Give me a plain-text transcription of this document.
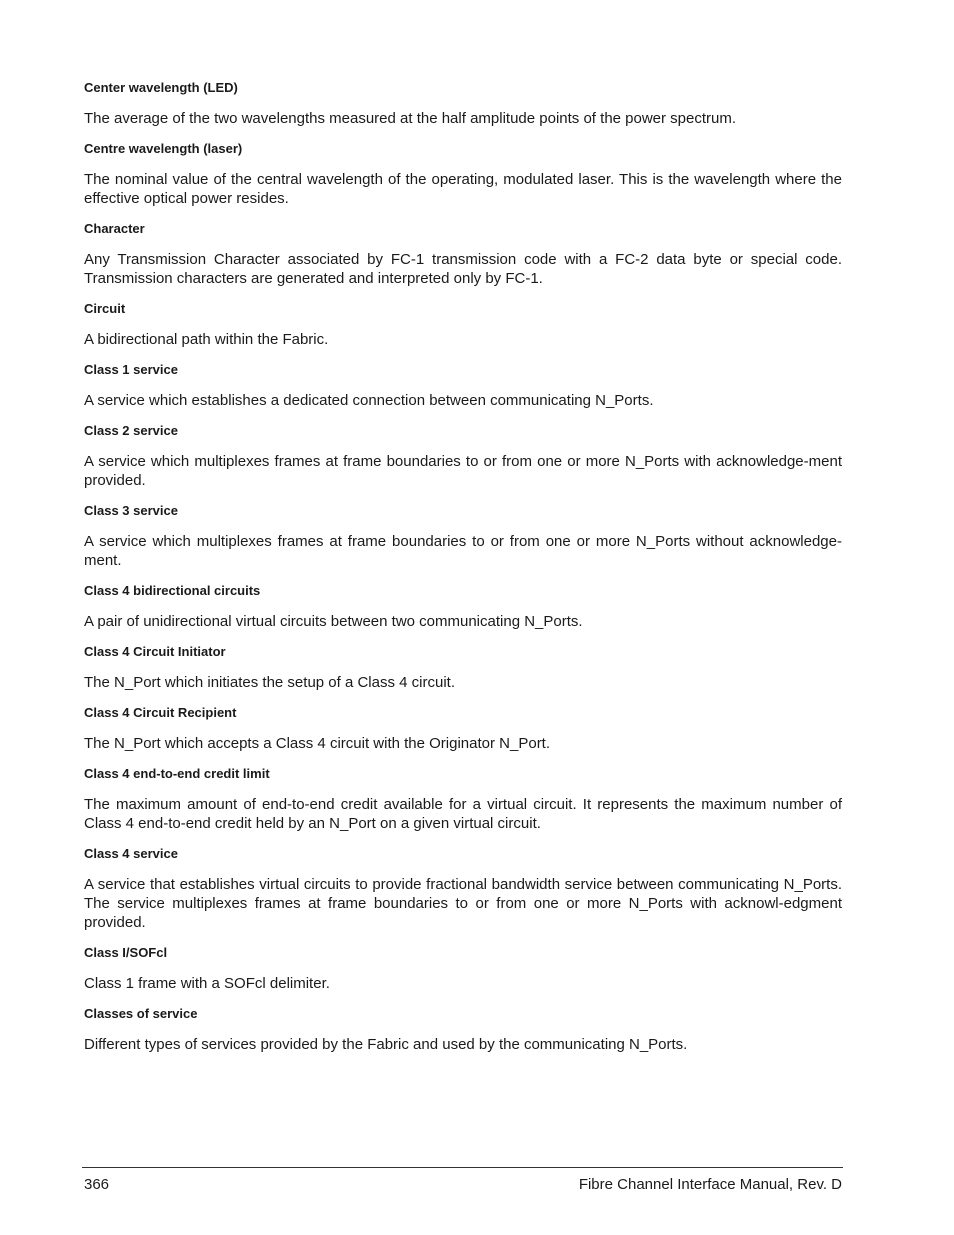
Center wavelength (LED)
The average of the two wavelengths measured at the half amplitude points of the power spectrum.
Centre wavelength (laser)
The nominal value of the central wavelength of the operating, modulated laser. This is the wavelength where the effective optical power resides.
Character
Any Transmission Character associated by FC-1 transmission code with a FC-2 data byte or special code. Transmission characters are generated and interpreted only by FC-1.
Circuit
A bidirectional path within the Fabric.
Class 1 service
A service which establishes a dedicated connection between communicating N_Ports.
Class 2 service
A service which multiplexes frames at frame boundaries to or from one or more N_Ports with acknowledge-ment provided.
Class 3 service
A service which multiplexes frames at frame boundaries to or from one or more N_Ports without acknowledge-ment.
Class 4 bidirectional circuits
A pair of unidirectional virtual circuits between two communicating N_Ports.
Class 4 Circuit Initiator
The N_Port which initiates the setup of a Class 4 circuit.
Class 4 Circuit Recipient
The N_Port which accepts a Class 4 circuit with the Originator N_Port.
Class 4 end-to-end credit limit
The maximum amount of end-to-end credit available for a virtual circuit. It represents the maximum number of Class 4 end-to-end credit held by an N_Port on a given virtual circuit.
Class 4 service
A service that establishes virtual circuits to provide fractional bandwidth service between communicating N_Ports. The service multiplexes frames at frame boundaries to or from one or more N_Ports with acknowl-edgment provided.
Class I/SOFcl
Class 1 frame with a SOFcl delimiter.
Classes of service
Different types of services provided by the Fabric and used by the communicating N_Ports.
366	Fibre Channel Interface Manual, Rev. D
